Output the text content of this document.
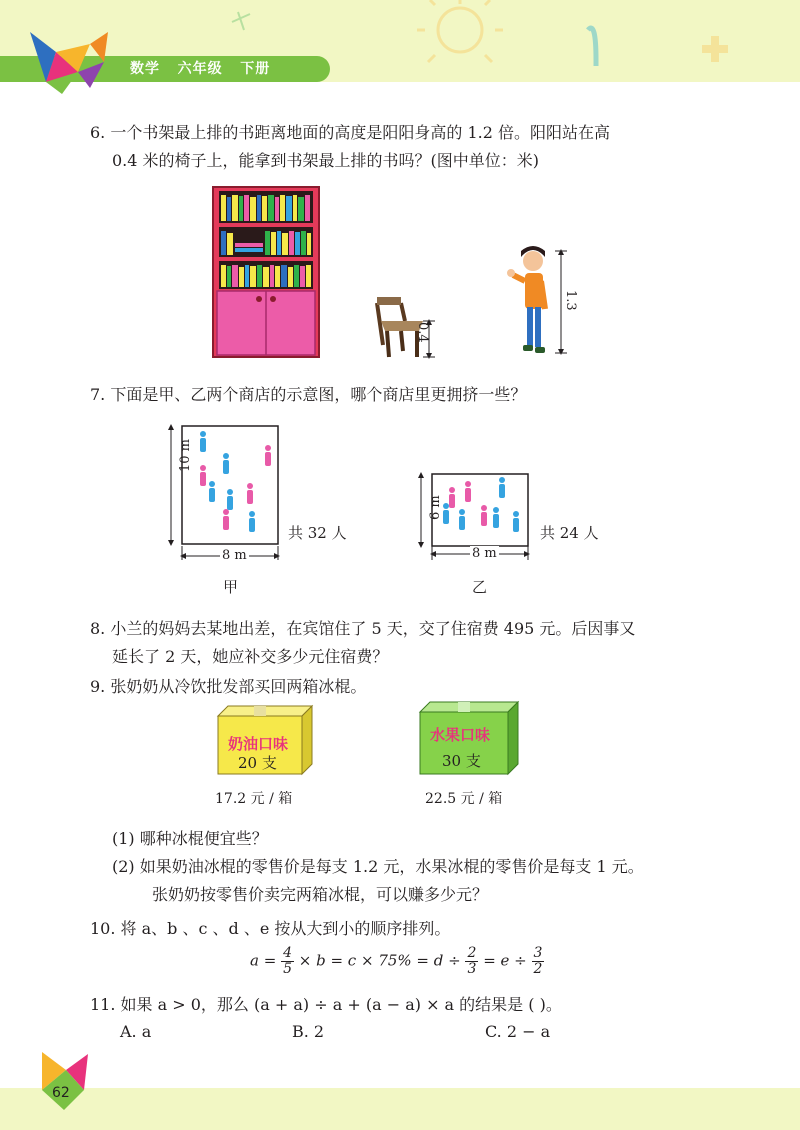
数学   六年级   下册
6. 一个书架最上排的书距离地面的高度是阳阳身高的 1.2 倍。阳阳站在高
0.4 米的椅子上，能拿到书架最上排的书吗？(图中单位：米)
0.4
1.3
7. 下面是甲、乙两个商店的示意图，哪个商店里更拥挤一些？
10 m
8 m
共 32 人
甲
6 m
8 m
共 24 人
乙
8. 小兰的妈妈去某地出差，在宾馆住了 5 天，交了住宿费 495 元。后因事又
延长了 2 天，她应补交多少元住宿费？
9. 张奶奶从冷饮批发部买回两箱冰棍。
奶油口味
20 支
17.2 元 / 箱
水果口味
30 支
22.5 元 / 箱
(1) 哪种冰棍便宜些？
(2) 如果奶油冰棍的零售价是每支 1.2 元，水果冰棍的零售价是每支 1 元。
张奶奶按零售价卖完两箱冰棍，可以赚多少元？
10. 将 a、b 、c 、d 、e 按从大到小的顺序排列。
$a = \frac{4}{5} \times b = c \times 75\% = d \div \frac{2}{3} = e \div \frac{3}{2}$
11. 如果 a > 0，那么 (a + a) ÷ a + (a − a) × a 的结果是 ( )。
A. a	B. 2	C. 2 − a
62
